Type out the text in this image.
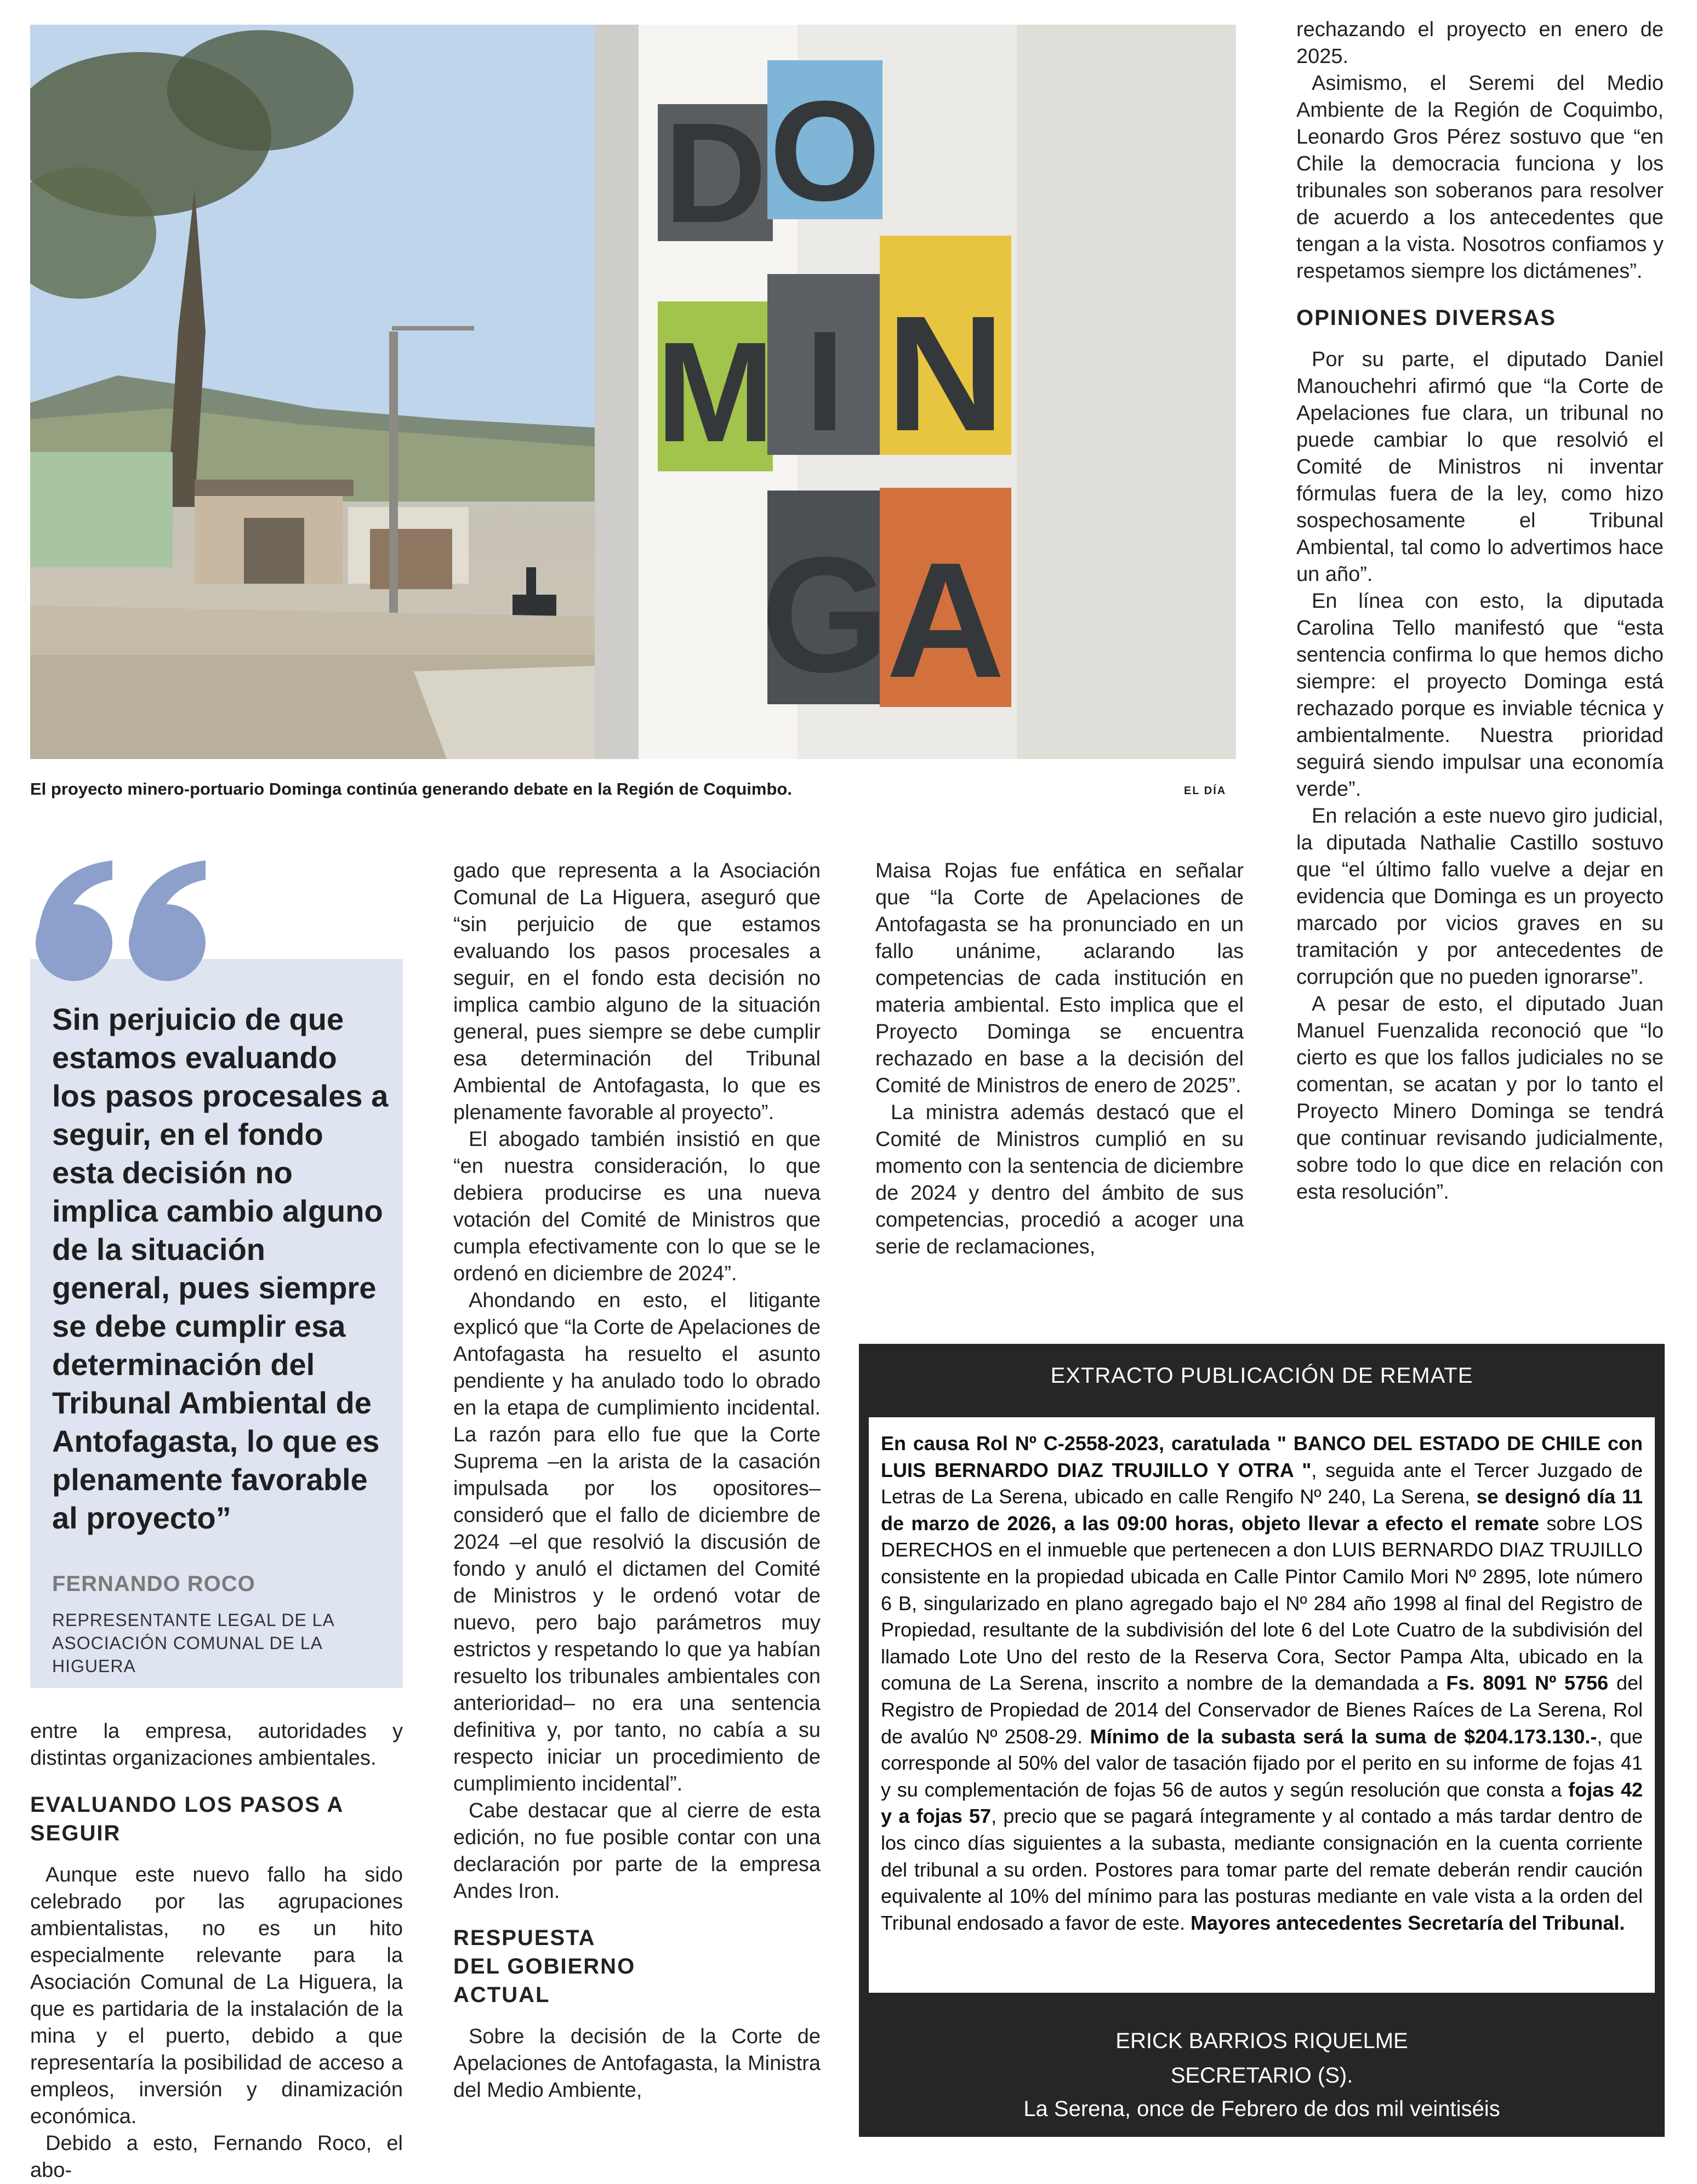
D O
M I N
G
A
El proyecto minero-portuario Dominga continúa generando debate en la Región de Coquimbo.	EL DÍA
Sin perjuicio de que estamos evaluando los pasos procesales a seguir, en el fondo esta decisión no implica cambio alguno de la situación general, pues siempre se debe cumplir esa determinación del Tribunal Ambiental de Antofagasta, lo que es plenamente favorable al proyecto”
FERNANDO ROCO
REPRESENTANTE LEGAL DE LA ASOCIACIÓN COMUNAL DE LA HIGUERA

entre la empresa, autoridades y distintas organizaciones ambientales.

EVALUANDO LOS PASOS A SEGUIR

Aunque este nuevo fallo ha sido celebrado por las agrupaciones ambientalistas, no es un hito especialmente relevante para la Asociación Comunal de La Higuera, la que es partidaria de la instalación de la mina y el puerto, debido a que representaría la posibilidad de acceso a empleos, inversión y dinamización económica.

Debido a esto, Fernando Roco, el abo-

gado que representa a la Asociación Comunal de La Higuera, aseguró que “sin perjuicio de que estamos evaluando los pasos procesales a seguir, en el fondo esta decisión no implica cambio alguno de la situación general, pues siempre se debe cumplir esa determinación del Tribunal Ambiental de Antofagasta, lo que es plenamente favorable al proyecto”.

El abogado también insistió en que “en nuestra consideración, lo que debiera producirse es una nueva votación del Comité de Ministros que cumpla efectivamente con lo que se le ordenó en diciembre de 2024”.

Ahondando en esto, el litigante explicó que “la Corte de Apelaciones de Antofagasta ha resuelto el asunto pendiente y ha anulado todo lo obrado en la etapa de cumplimiento incidental. La razón para ello fue que la Corte Suprema –en la arista de la casación impulsada por los opositores– consideró que el fallo de diciembre de 2024 –el que resolvió la discusión de fondo y anuló el dictamen del Comité de Ministros y le ordenó votar de nuevo, pero bajo parámetros muy estrictos y respetando lo que ya habían resuelto los tribunales ambientales con anterioridad– no era una sentencia definitiva y, por tanto, no cabía a su respecto iniciar un procedimiento de cumplimiento incidental”.

Cabe destacar que al cierre de esta edición, no fue posible contar con una declaración por parte de la empresa Andes Iron.

RESPUESTA DEL GOBIERNO ACTUAL

Sobre la decisión de la Corte de Apelaciones de Antofagasta, la Ministra del Medio Ambiente,

Maisa Rojas fue enfática en señalar que “la Corte de Apelaciones de Antofagasta se ha pronunciado en un fallo unánime, aclarando las competencias de cada institución en materia ambiental. Esto implica que el Proyecto Dominga se encuentra rechazado en base a la decisión del Comité de Ministros de enero de 2025”.

La ministra además destacó que el Comité de Ministros cumplió en su momento con la sentencia de diciembre de 2024 y dentro del ámbito de sus competencias, procedió a acoger una serie de reclamaciones,

rechazando el proyecto en enero de 2025.

Asimismo, el Seremi del Medio Ambiente de la Región de Coquimbo, Leonardo Gros Pérez sostuvo que “en Chile la democracia funciona y los tribunales son soberanos para resolver de acuerdo a los antecedentes que tengan a la vista. Nosotros confiamos y respetamos siempre los dictámenes”.

OPINIONES DIVERSAS

Por su parte, el diputado Daniel Manouchehri afirmó que “la Corte de Apelaciones fue clara, un tribunal no puede cambiar lo que resolvió el Comité de Ministros ni inventar fórmulas fuera de la ley, como hizo sospechosamente el Tribunal Ambiental, tal como lo advertimos hace un año”.

En línea con esto, la diputada Carolina Tello manifestó que “esta sentencia confirma lo que hemos dicho siempre: el proyecto Dominga está rechazado porque es inviable técnica y ambientalmente. Nuestra prioridad seguirá siendo impulsar una economía verde”.

En relación a este nuevo giro judicial, la diputada Nathalie Castillo sostuvo que “el último fallo vuelve a dejar en evidencia que Dominga es un proyecto marcado por vicios graves en su tramitación y por antecedentes de corrupción que no pueden ignorarse”.

A pesar de esto, el diputado Juan Manuel Fuenzalida reconoció que “lo cierto es que los fallos judiciales no se comentan, se acatan y por lo tanto el Proyecto Minero Dominga se tendrá que continuar revisando judicialmente, sobre todo lo que dice en relación con esta resolución”.

EXTRACTO PUBLICACIÓN DE REMATE
En causa Rol Nº C-2558-2023, caratulada " BANCO DEL ESTADO DE CHILE con LUIS BERNARDO DIAZ TRUJILLO Y OTRA ", seguida ante el Tercer Juzgado de Letras de La Serena, ubicado en calle Rengifo Nº 240, La Serena, se designó día 11 de marzo de 2026, a las 09:00 horas, objeto llevar a efecto el remate sobre LOS DERECHOS en el inmueble que pertenecen a don LUIS BERNARDO DIAZ TRUJILLO consistente en la propiedad ubicada en Calle Pintor Camilo Mori Nº 2895, lote número 6 B, singularizado en plano agregado bajo el Nº 284 año 1998 al final del Registro de Propiedad, resultante de la subdivisión del lote 6 del Lote Cuatro de la subdivisión del llamado Lote Uno del resto de la Reserva Cora, Sector Pampa Alta, ubicado en la comuna de La Serena, inscrito a nombre de la demandada a Fs. 8091 Nº 5756 del Registro de Propiedad de 2014 del Conservador de Bienes Raíces de La Serena, Rol de avalúo Nº 2508-29. Mínimo de la subasta será la suma de $204.173.130.-, que corresponde al 50% del valor de tasación fijado por el perito en su informe de fojas 41 y su complementación de fojas 56 de autos y según resolución que consta a fojas 42 y a fojas 57, precio que se pagará íntegramente y al contado a más tardar dentro de los cinco días siguientes a la subasta, mediante consignación en la cuenta corriente del tribunal a su orden. Postores para tomar parte del remate deberán rendir caución equivalente al 10% del mínimo para las posturas mediante en vale vista a la orden del Tribunal endosado a favor de este. Mayores antecedentes Secretaría del Tribunal.
ERICK BARRIOS RIQUELME
SECRETARIO (S).
La Serena, once de Febrero de dos mil veintiséis
